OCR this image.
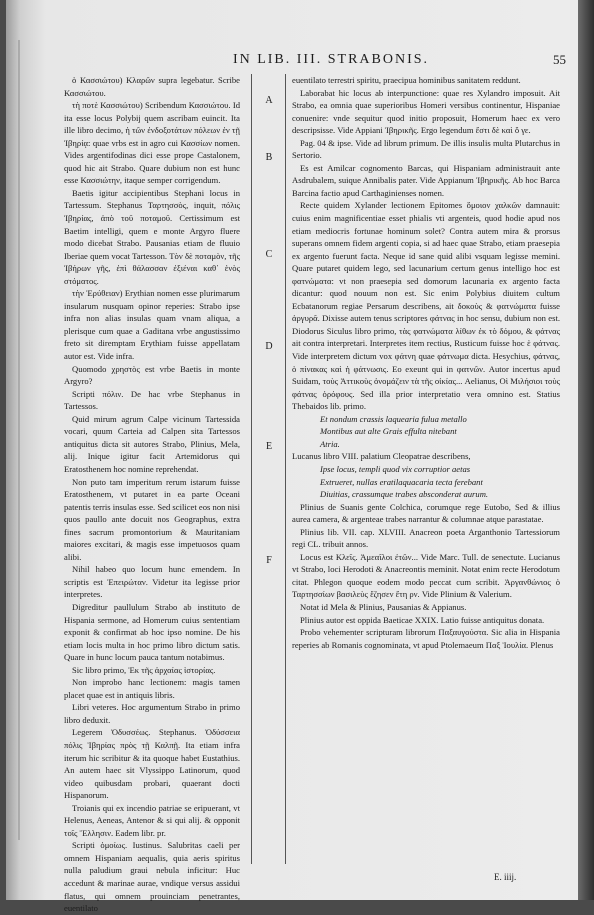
IN LIB. III. STRABONIS.	55
A
B
C
D
E
F

ὁ Κασσιώτου) Κλαρῶν supra legebatur. Scribe Κασσιώτου.

τὴ ποτὲ Κασσιώτου) Scribendum Κασσιώτου. Id ita esse locus Polybij quem ascribam euincit. Ita ille libro decimo, ἡ τῶν ἐνδοξοτάτων πόλεων ἐν τῇ Ἰβηρίᾳ: quae vrbs est in agro cui Κασσίων nomen. Vides argentifodinas dici esse prope Castalonem, quod hic ait Strabo. Quare dubium non est hunc esse Κασσιώτην, itaque semper corrigendum.

Baetis igitur accipientibus Stephani locus in Tartessum. Stephanus Ταρτησσὸς, inquit, πόλις Ἰβηρίας, ἀπὸ τοῦ ποταμοῦ. Certissimum est Baetim intelligi, quem e monte Argyro fluere modo dicebat Strabo. Pausanias etiam de fluuio Iberiae quem vocat Tartesson. Τὸν δὲ ποταμὸν, τῆς Ἰβήρων γῆς, ἐπὶ θάλασσαν ἐξιέναι καθ᾽ ἑνὸς στόματος.

τὴν Ἐρύθειαν) Erythian nomen esse plurimarum insularum nusquam opinor reperies: Strabo ipse infra non alias insulas quam vnam aliqua, a plerisque cum quae a Gaditana vrbe angustissimo freto sit diremptam Erythiam fuisse appellatam autor est. Vide infra.

Quomodo χρηστὸς est vrbe Baetis in monte Argyro?

Scripti πόλιν. De hac vrbe Stephanus in Tartessos.

Quid mirum agrum Calpe vicinum Tartessida vocari, quum Carteia ad Calpen sita Tartessos antiquitus dicta sit autores Strabo, Plinius, Mela, alij. Inique igitur facit Artemidorus qui Eratosthenem hoc nomine reprehendat.

Non puto tam imperitum rerum istarum fuisse Eratosthenem, vt putaret in ea parte Oceani patentis terris insulas esse. Sed scilicet eos non nisi quos paullo ante docuit nos Geographus, extra fines sacrum promontorium & Mauritaniam maiores excitari, & magis esse impetuosos quam alibi.

Nihil habeo quo locum hunc emendem. In scriptis est Ἐπειρώταν. Videtur ita legisse prior interpretes.

Digreditur paullulum Strabo ab instituto de Hispania sermone, ad Homerum cuius sententiam exponit & confirmat ab hoc ipso nomine. De his etiam locis multa in hoc primo libro dictum satis. Quare in hunc locum pauca tantum notabimus.

Sic libro primo, Ἐκ τῆς ἀρχαίας ἱστορίας.

Non improbo hanc lectionem: magis tamen placet quae est in antiquis libris.

Libri veteres. Hoc argumentum Strabo in primo libro deduxit.

Legerem Ὀδυσσέως. Stephanus. Ὀδύσσεια πόλις Ἰβηρίας πρὸς τῇ Καλπῇ. Ita etiam infra iterum hic scribitur & ita quoque habet Eustathius. An autem haec sit Vlyssippo Latinorum, quod video quibusdam probari, quaerant docti Hispanorum.

Troianis qui ex incendio patriae se eripuerant, vt Helenus, Aeneas, Antenor & si qui alij. & opponit τοῖς Ἕλλησιν. Eadem libr. pr.

Scripti ὁμοίως. Iustinus. Salubritas caeli per omnem Hispaniam aequalis, quia aeris spiritus nulla paludium graui nebula inficitur: Huc accedunt & marinae aurae, vndique versus assidui flatus, qui omnem prouinciam penetrantes, euentilato

euentilato terrestri spiritu, praecipua hominibus sanitatem reddunt.

Laborabat hic locus ab interpunctione: quae res Xylandro imposuit. Ait Strabo, ea omnia quae superioribus Homeri versibus continentur, Hispaniae conuenire: vnde sequitur quod initio proposuit, Homerum haec ex vero descripsisse. Vide Appiani Ἰβηρικῆς. Ergo legendum ἔστι δὲ καὶ ὅ γε.

Pag. 04 & ipse. Vide ad librum primum. De illis insulis multa Plutarchus in Sertorio.

Es est Amilcar cognomento Barcas, qui Hispaniam administrauit ante Asdrubalem, suique Annibalis pater. Vide Appianum Ἰβηρικῆς. Ab hoc Barca Barcina factio apud Carthaginienses nomen.

Recte quidem Xylander lectionem Epitomes ὅμοιον χαλκῶν damnauit: cuius enim magnificentiae esset phialis vti argenteis, quod hodie apud nos etiam mediocris fortunae hominum solet? Contra autem mira & prorsus superans omnem fidem argenti copia, si ad haec quae Strabo, etiam praesepia ex argento fuerunt facta. Neque id sane quid alibi vsquam legisse memini. Quare putaret quidem lego, sed lacunarium certum genus intelligo hoc est φατνώματα: vt non praesepia sed domorum lacunaria ex argento facta dicantur: quod nouum non est. Sic enim Polybius diuitem cultum Ecbatanorum regiae Persarum describens, ait δοκοὺς & φατνώματα fuisse ἀργυρᾶ. Dixisse autem tenus scriptores φάτνας in hoc sensu, dubium non est. Diodorus Siculus libro primo, τὰς φατνώματα λίθων ἐκ τὸ δόμου, & φάτνας ait contra interpretari. Interpretes item rectius, Rusticum fuisse hoc ἑ φάτνας. Vide interpretem dictum vox φάτνη quae φάτνωμα dicta. Hesychius, φάτνας, ὁ πίνακας καὶ ἡ φάτνωσις. Eo exeunt qui in φατνῶν. Autor incertus apud Suidam, τοὺς Ἀττικοὺς ὀνομάζειν τὰ τῆς οἰκίας... Aelianus, Οἱ Μιλήσιοι τοὺς φάτνας ὀρόφους. Sed illa prior interpretatio vera omnino est. Statius Thebaidos lib. primo.

Et nondum crassis laquearia fulua metallo

Montibus aut alte Grais effulta nitebant

Atria.

Lucanus libro VIII. palatium Cleopatrae describens,

Ipse locus, templi quod vix corruptior aetas

Extrueret, nullas eratilaquacaria tecta ferebant

Diuitias, crassumque trabes absconderat aurum.

Plinius de Suanis gente Colchica, corumque rege Eutobo, Sed & illius aurea camera, & argenteae trabes narrantur & columnae atque parastatae.

Plinius lib. VII. cap. XLVIII. Anacreon poeta Arganthonio Tartessiorum regi CL. tribuit annos.

Locus est Κλεῖς. Ἀμεαῖλοι ἐτῶν... Vide Marc. Tull. de senectute. Lucianus vt Strabo, loci Herodoti & Anacreontis meminit. Notat enim recte Herodotum citat. Phlegon quoque eodem modo peccat cum scribit. Ἀργανθώνιος ὁ Ταρτησσίων βασιλεὺς ἔζησεν ἔτη ρν. Vide Plinium & Valerium.

Notat id Mela & Plinius, Pausanias & Appianus.

Plinius autor est oppida Baeticae XXIX. Latio fuisse antiquitus donata.

Probo vehementer scripturam librorum Παξαυγούστα. Sic alia in Hispania reperies ab Romanis cognominata, vt apud Ptolemaeum Παξ Ἰουλία. Plenus

E. iiij.
